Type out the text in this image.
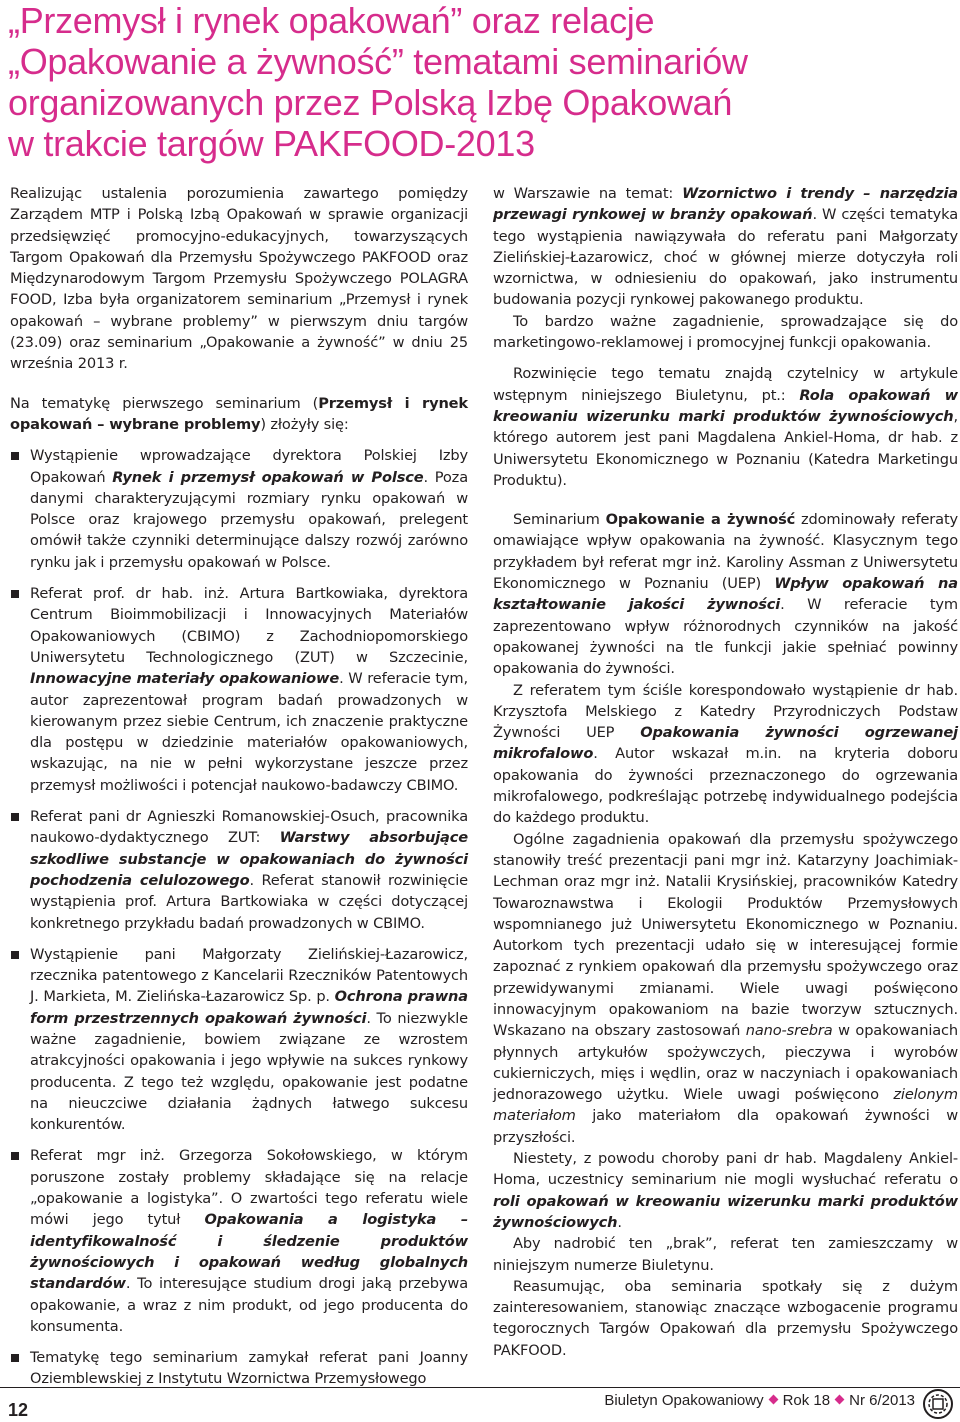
„Przemysł i rynek opakowań” oraz relacje
„Opakowanie a żywność” tematami seminariów
organizowanych przez Polską Izbę Opakowań
w trakcie targów PAKFOOD-2013

Realizując ustalenia porozumienia zawartego pomiędzy Zarządem MTP i Polską Izbą Opakowań w sprawie organizacji przedsięwzięć promocyjno-edukacyjnych, towarzyszących Targom Opakowań dla Przemysłu Spożywczego PAKFOOD oraz Międzynarodowym Targom Przemysłu Spożywczego POLAGRA FOOD, Izba była organizatorem seminarium „Przemysł i rynek opakowań – wybrane problemy” w pierwszym dniu targów (23.09) oraz seminarium „Opakowanie a żywność” w dniu 25 września 2013 r.

Na tematykę pierwszego seminarium (Przemysł i rynek opakowań – wybrane problemy) złożyły się:

Wystąpienie wprowadzające dyrektora Polskiej Izby Opakowań Rynek i przemysł opakowań w Polsce. Poza danymi charakteryzującymi rozmiary rynku opakowań w Polsce oraz krajowego przemysłu opakowań, prelegent omówił także czynniki determinujące dalszy rozwój zarówno rynku jak i przemysłu opakowań w Polsce.
Referat prof. dr hab. inż. Artura Bartkowiaka, dyrektora Centrum Bioimmobilizacji i Innowacyjnych Materiałów Opakowaniowych (CBIMO) z Zachodniopomorskiego Uniwersytetu Technologicznego (ZUT) w Szczecinie, Innowacyjne materiały opakowaniowe. W referacie tym, autor zaprezentował program badań prowadzonych w kierowanym przez siebie Centrum, ich znaczenie praktyczne dla postępu w dziedzinie materiałów opakowaniowych, wskazując, na nie w pełni wykorzystane jeszcze przez przemysł możliwości i potencjał naukowo-badawczy CBIMO.
Referat pani dr Agnieszki Romanowskiej-Osuch, pracownika naukowo-dydaktycznego ZUT: Warstwy absorbujące szkodliwe substancje w opakowaniach do żywności pochodzenia celulozowego. Referat stanowił rozwinięcie wystąpienia prof. Artura Bartkowiaka w części dotyczącej konkretnego przykładu badań prowadzonych w CBIMO.
Wystąpienie pani Małgorzaty Zielińskiej-Łazarowicz, rzecznika patentowego z Kancelarii Rzeczników Patentowych J. Markieta, M. Zielińska-Łazarowicz Sp. p. Ochrona prawna form przestrzennych opakowań żywności. To niezwykle ważne zagadnienie, bowiem związane ze wzrostem atrakcyjności opakowania i jego wpływie na sukces rynkowy producenta. Z tego też względu, opakowanie jest podatne na nieuczciwe działania żądnych łatwego sukcesu konkurentów.
Referat mgr inż. Grzegorza Sokołowskiego, w którym poruszone zostały problemy składające się na relacje „opakowanie a logistyka”. O zwartości tego referatu wiele mówi jego tytuł Opakowania a logistyka – identyfikowalność i śledzenie produktów żywnościowych i opakowań według globalnych standardów. To interesujące studium drogi jaką przebywa opakowanie, a wraz z nim produkt, od jego producenta do konsumenta.
Tematykę tego seminarium zamykał referat pani Joanny Oziemblewskiej z Instytutu Wzornictwa Przemysłowego

w Warszawie na temat: Wzornictwo i trendy – narzędzia przewagi rynkowej w branży opakowań. W części tematyka tego wystąpienia nawiązywała do referatu pani Małgorzaty Zielińskiej-Łazarowicz, choć w głównej mierze dotyczyła roli wzornictwa, w odniesieniu do opakowań, jako instrumentu budowania pozycji rynkowej pakowanego produktu.

To bardzo ważne zagadnienie, sprowadzające się do marketingowo-reklamowej i promocyjnej funkcji opakowania.

Rozwinięcie tego tematu znajdą czytelnicy w artykule wstępnym niniejszego Biuletynu, pt.: Rola opakowań w kreowaniu wizerunku marki produktów żywnościowych, którego autorem jest pani Magdalena Ankiel-Homa, dr hab. z Uniwersytetu Ekonomicznego w Poznaniu (Katedra Marketingu Produktu).

Seminarium Opakowanie a żywność zdominowały referaty omawiające wpływ opakowania na żywność. Klasycznym tego przykładem był referat mgr inż. Karoliny Assman z Uniwersytetu Ekonomicznego w Poznaniu (UEP) Wpływ opakowań na kształtowanie jakości żywności. W referacie tym zaprezentowano wpływ różnorodnych czynników na jakość opakowanej żywności na tle funkcji jakie spełniać powinny opakowania do żywności.

Z referatem tym ściśle korespondowało wystąpienie dr hab. Krzysztofa Melskiego z Katedry Przyrodniczych Podstaw Żywności UEP Opakowania żywności ogrzewanej mikrofalowo. Autor wskazał m.in. na kryteria doboru opakowania do żywności przeznaczonego do ogrzewania mikrofalowego, podkreślając potrzebę indywidualnego podejścia do każdego produktu.

Ogólne zagadnienia opakowań dla przemysłu spożywczego stanowiły treść prezentacji pani mgr inż. Katarzyny Joachimiak-Lechman oraz mgr inż. Natalii Krysińskiej, pracowników Katedry Towaroznawstwa i Ekologii Produktów Przemysłowych wspomnianego już Uniwersytetu Ekonomicznego w Poznaniu. Autorkom tych prezentacji udało się w interesującej formie zapoznać z rynkiem opakowań dla przemysłu spożywczego oraz przewidywanymi zmianami. Wiele uwagi poświęcono innowacyjnym opakowaniom na bazie tworzyw sztucznych. Wskazano na obszary zastosowań nano-srebra w opakowaniach płynnych artykułów spożywczych, pieczywa i wyrobów cukierniczych, mięs i wędlin, oraz w naczyniach i opakowaniach jednorazowego użytku. Wiele uwagi poświęcono zielonym materiałom jako materiałom dla opakowań żywności w przyszłości.

Niestety, z powodu choroby pani dr hab. Magdaleny Ankiel-Homa, uczestnicy seminarium nie mogli wysłuchać referatu o roli opakowań w kreowaniu wizerunku marki produktów żywnościowych.

Aby nadrobić ten „brak”, referat ten zamieszczamy w niniejszym numerze Biuletynu.

Reasumując, oba seminaria spotkały się z dużym zainteresowaniem, stanowiąc znaczące wzbogacenie programu tegorocznych Targów Opakowań dla przemysłu Spożywczego PAKFOOD.

12	Biuletyn Opakowaniowy Rok 18 Nr 6/2013
